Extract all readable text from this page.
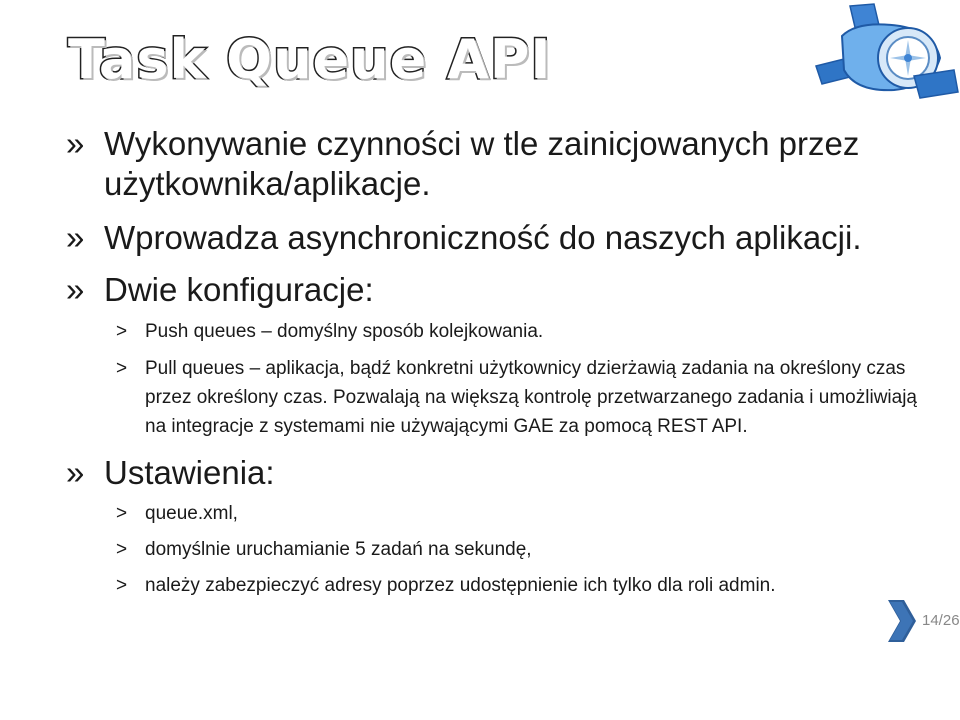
Task Queue API
» Wykonywanie czynności w tle zainicjowanych przez użytkownika/aplikacje.
» Wprowadza asynchroniczność do naszych aplikacji.
» Dwie konfiguracje:
> Push queues – domyślny sposób kolejkowania.
> Pull queues – aplikacja, bądź konkretni użytkownicy dzierżawią zadania na określony czas przez określony czas. Pozwalają na większą kontrolę przetwarzanego zadania i umożliwiają na integracje z systemami nie używającymi GAE za pomocą REST API.
» Ustawienia:
> queue.xml,
> domyślnie uruchamianie 5 zadań na sekundę,
> należy zabezpieczyć adresy poprzez udostępnienie ich tylko dla roli admin.
14/26
